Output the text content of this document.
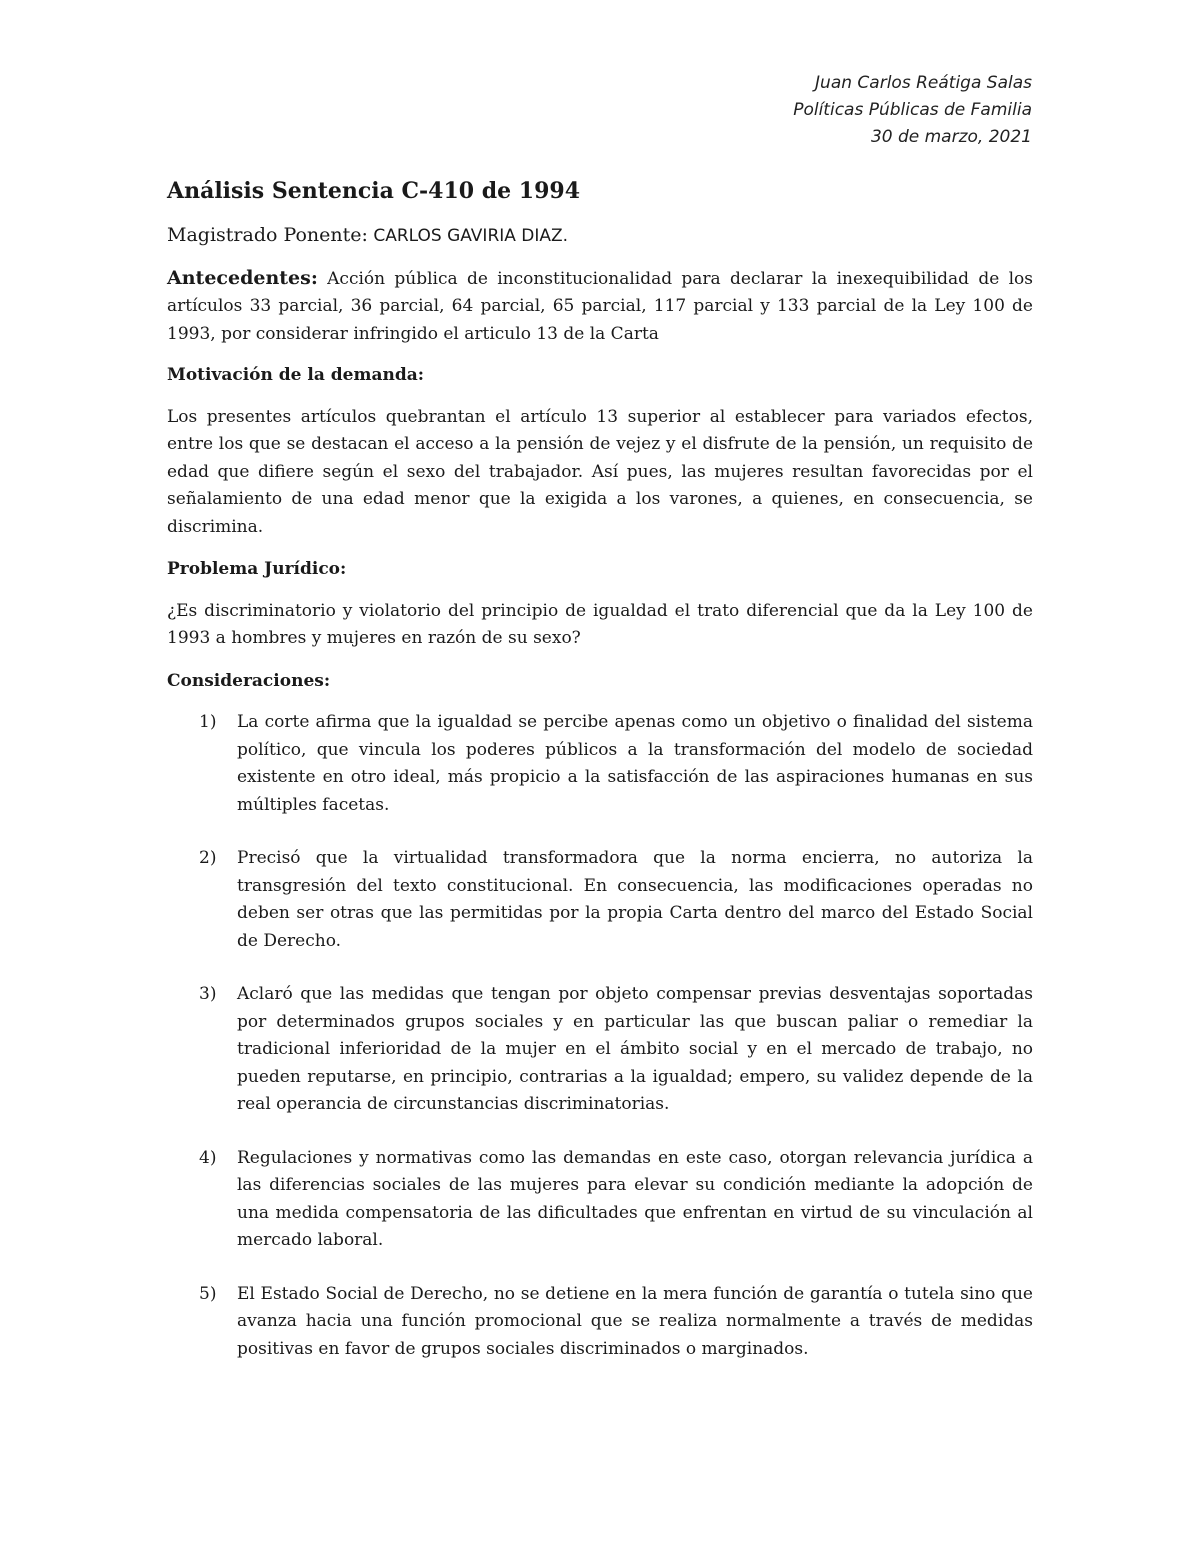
Juan Carlos Reátiga Salas
Políticas Públicas de Familia
30 de marzo, 2021
Análisis Sentencia C-410 de 1994

Magistrado Ponente: CARLOS GAVIRIA DIAZ.

Antecedentes: Acción pública de inconstitucionalidad para declarar la inexequibilidad de los artículos 33 parcial, 36 parcial, 64 parcial, 65 parcial, 117 parcial y 133 parcial de la Ley 100 de 1993, por considerar infringido el articulo 13 de la Carta

Motivación de la demanda:

Los presentes artículos quebrantan el artículo 13 superior al establecer para variados efectos, entre los que se destacan el acceso a la pensión de vejez y el disfrute de la pensión, un requisito de edad que difiere según el sexo del trabajador. Así pues, las mujeres resultan favorecidas por el señalamiento de una edad menor que la exigida a los varones, a quienes, en consecuencia, se discrimina.

Problema Jurídico:

¿Es discriminatorio y violatorio del principio de igualdad el trato diferencial que da la Ley 100 de 1993 a hombres y mujeres en razón de su sexo?

Consideraciones:

1)	La corte afirma que la igualdad se percibe apenas como un objetivo o finalidad del sistema político, que vincula los poderes públicos a la transformación del modelo de sociedad existente en otro ideal, más propicio a la satisfacción de las aspiraciones humanas en sus múltiples facetas.
2)	Precisó que la virtualidad transformadora que la norma encierra, no autoriza la transgresión del texto constitucional. En consecuencia, las modificaciones operadas no deben ser otras que las permitidas por la propia Carta dentro del marco del Estado Social de Derecho.
3)	Aclaró que las medidas que tengan por objeto compensar previas desventajas soportadas por determinados grupos sociales y en particular las que buscan paliar o remediar la tradicional inferioridad de la mujer en el ámbito social y en el mercado de trabajo, no pueden reputarse, en principio, contrarias a la igualdad; empero, su validez depende de la real operancia de circunstancias discriminatorias.
4)	Regulaciones y normativas como las demandas en este caso, otorgan relevancia jurídica a las diferencias sociales de las mujeres para elevar su condición mediante la adopción de una medida compensatoria de las dificultades que enfrentan en virtud de su vinculación al mercado laboral.
5)	El Estado Social de Derecho, no se detiene en la mera función de garantía o tutela sino que avanza hacia una función promocional que se realiza normalmente a través de medidas positivas en favor de grupos sociales discriminados o marginados.
